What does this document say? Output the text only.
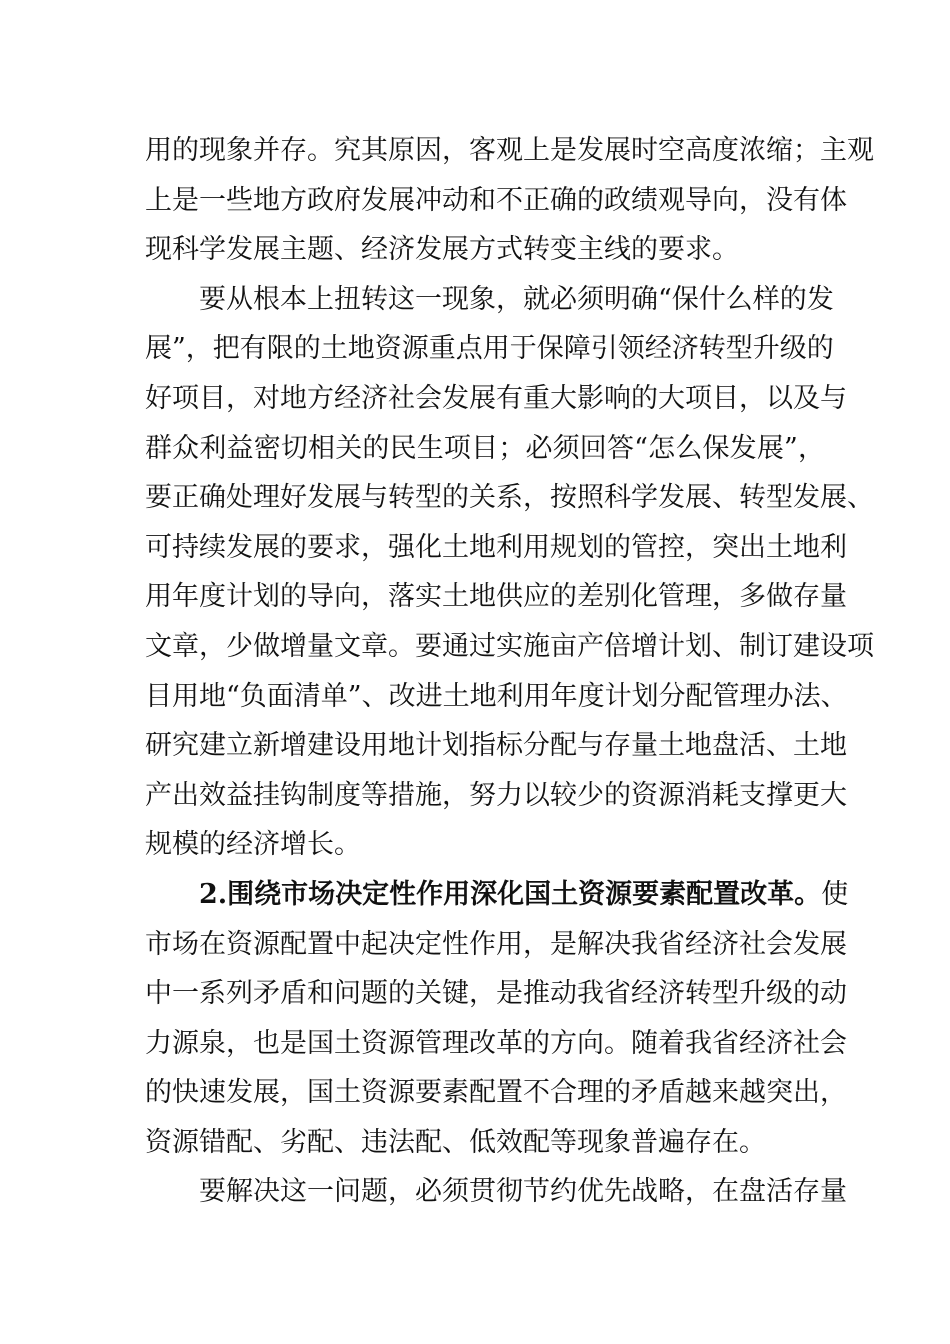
用的现象并存。究其原因，客观上是发展时空高度浓缩；主观
上是一些地方政府发展冲动和不正确的政绩观导向，没有体
现科学发展主题、经济发展方式转变主线的要求。
要从根本上扭转这一现象，就必须明确“保什么样的发
展”，把有限的土地资源重点用于保障引领经济转型升级的
好项目，对地方经济社会发展有重大影响的大项目，以及与
群众利益密切相关的民生项目；必须回答“怎么保发展”，
要正确处理好发展与转型的关系，按照科学发展、转型发展、
可持续发展的要求，强化土地利用规划的管控，突出土地利
用年度计划的导向，落实土地供应的差别化管理，多做存量
文章，少做增量文章。要通过实施亩产倍增计划、制订建设项
目用地“负面清单”、改进土地利用年度计划分配管理办法、
研究建立新增建设用地计划指标分配与存量土地盘活、土地
产出效益挂钩制度等措施，努力以较少的资源消耗支撑更大
规模的经济增长。
2.围绕市场决定性作用深化国土资源要素配置改革。使
市场在资源配置中起决定性作用，是解决我省经济社会发展
中一系列矛盾和问题的关键，是推动我省经济转型升级的动
力源泉，也是国土资源管理改革的方向。随着我省经济社会
的快速发展，国土资源要素配置不合理的矛盾越来越突出，
资源错配、劣配、违法配、低效配等现象普遍存在。
要解决这一问题，必须贯彻节约优先战略，在盘活存量
